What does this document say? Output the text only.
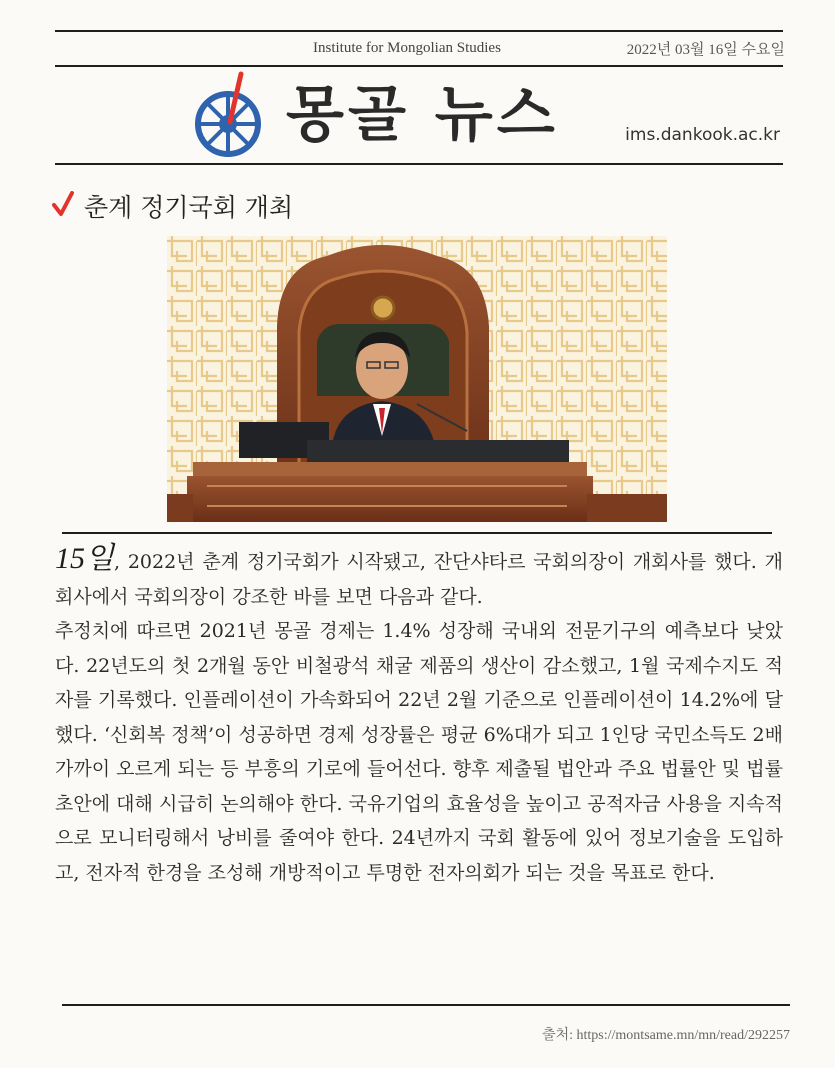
Institute for Mongolian Studies	2022년 03월 16일 수요일
몽골 뉴스	ims.dankook.ac.kr
춘계 정기국회 개최

15일, 2022년 춘계 정기국회가 시작됐고, 잔단샤타르 국회의장이 개회사를 했다. 개회사에서 국회의장이 강조한 바를 보면 다음과 같다.

추정치에 따르면 2021년 몽골 경제는 1.4% 성장해 국내외 전문기구의 예측보다 낮았다. 22년도의 첫 2개월 동안 비철광석 채굴 제품의 생산이 감소했고, 1월 국제수지도 적자를 기록했다. 인플레이션이 가속화되어 22년 2월 기준으로 인플레이션이 14.2%에 달했다. ‘신회복 정책’이 성공하면 경제 성장률은 평균 6%대가 되고 1인당 국민소득도 2배 가까이 오르게 되는 등 부흥의 기로에 들어선다. 향후 제출될 법안과 주요 법률안 및 법률 초안에 대해 시급히 논의해야 한다. 국유기업의 효율성을 높이고 공적자금 사용을 지속적으로 모니터링해서 낭비를 줄여야 한다. 24년까지 국회 활동에 있어 정보기술을 도입하고, 전자적 한경을 조성해 개방적이고 투명한 전자의회가 되는 것을 목표로 한다.

출처: https://montsame.mn/mn/read/292257
